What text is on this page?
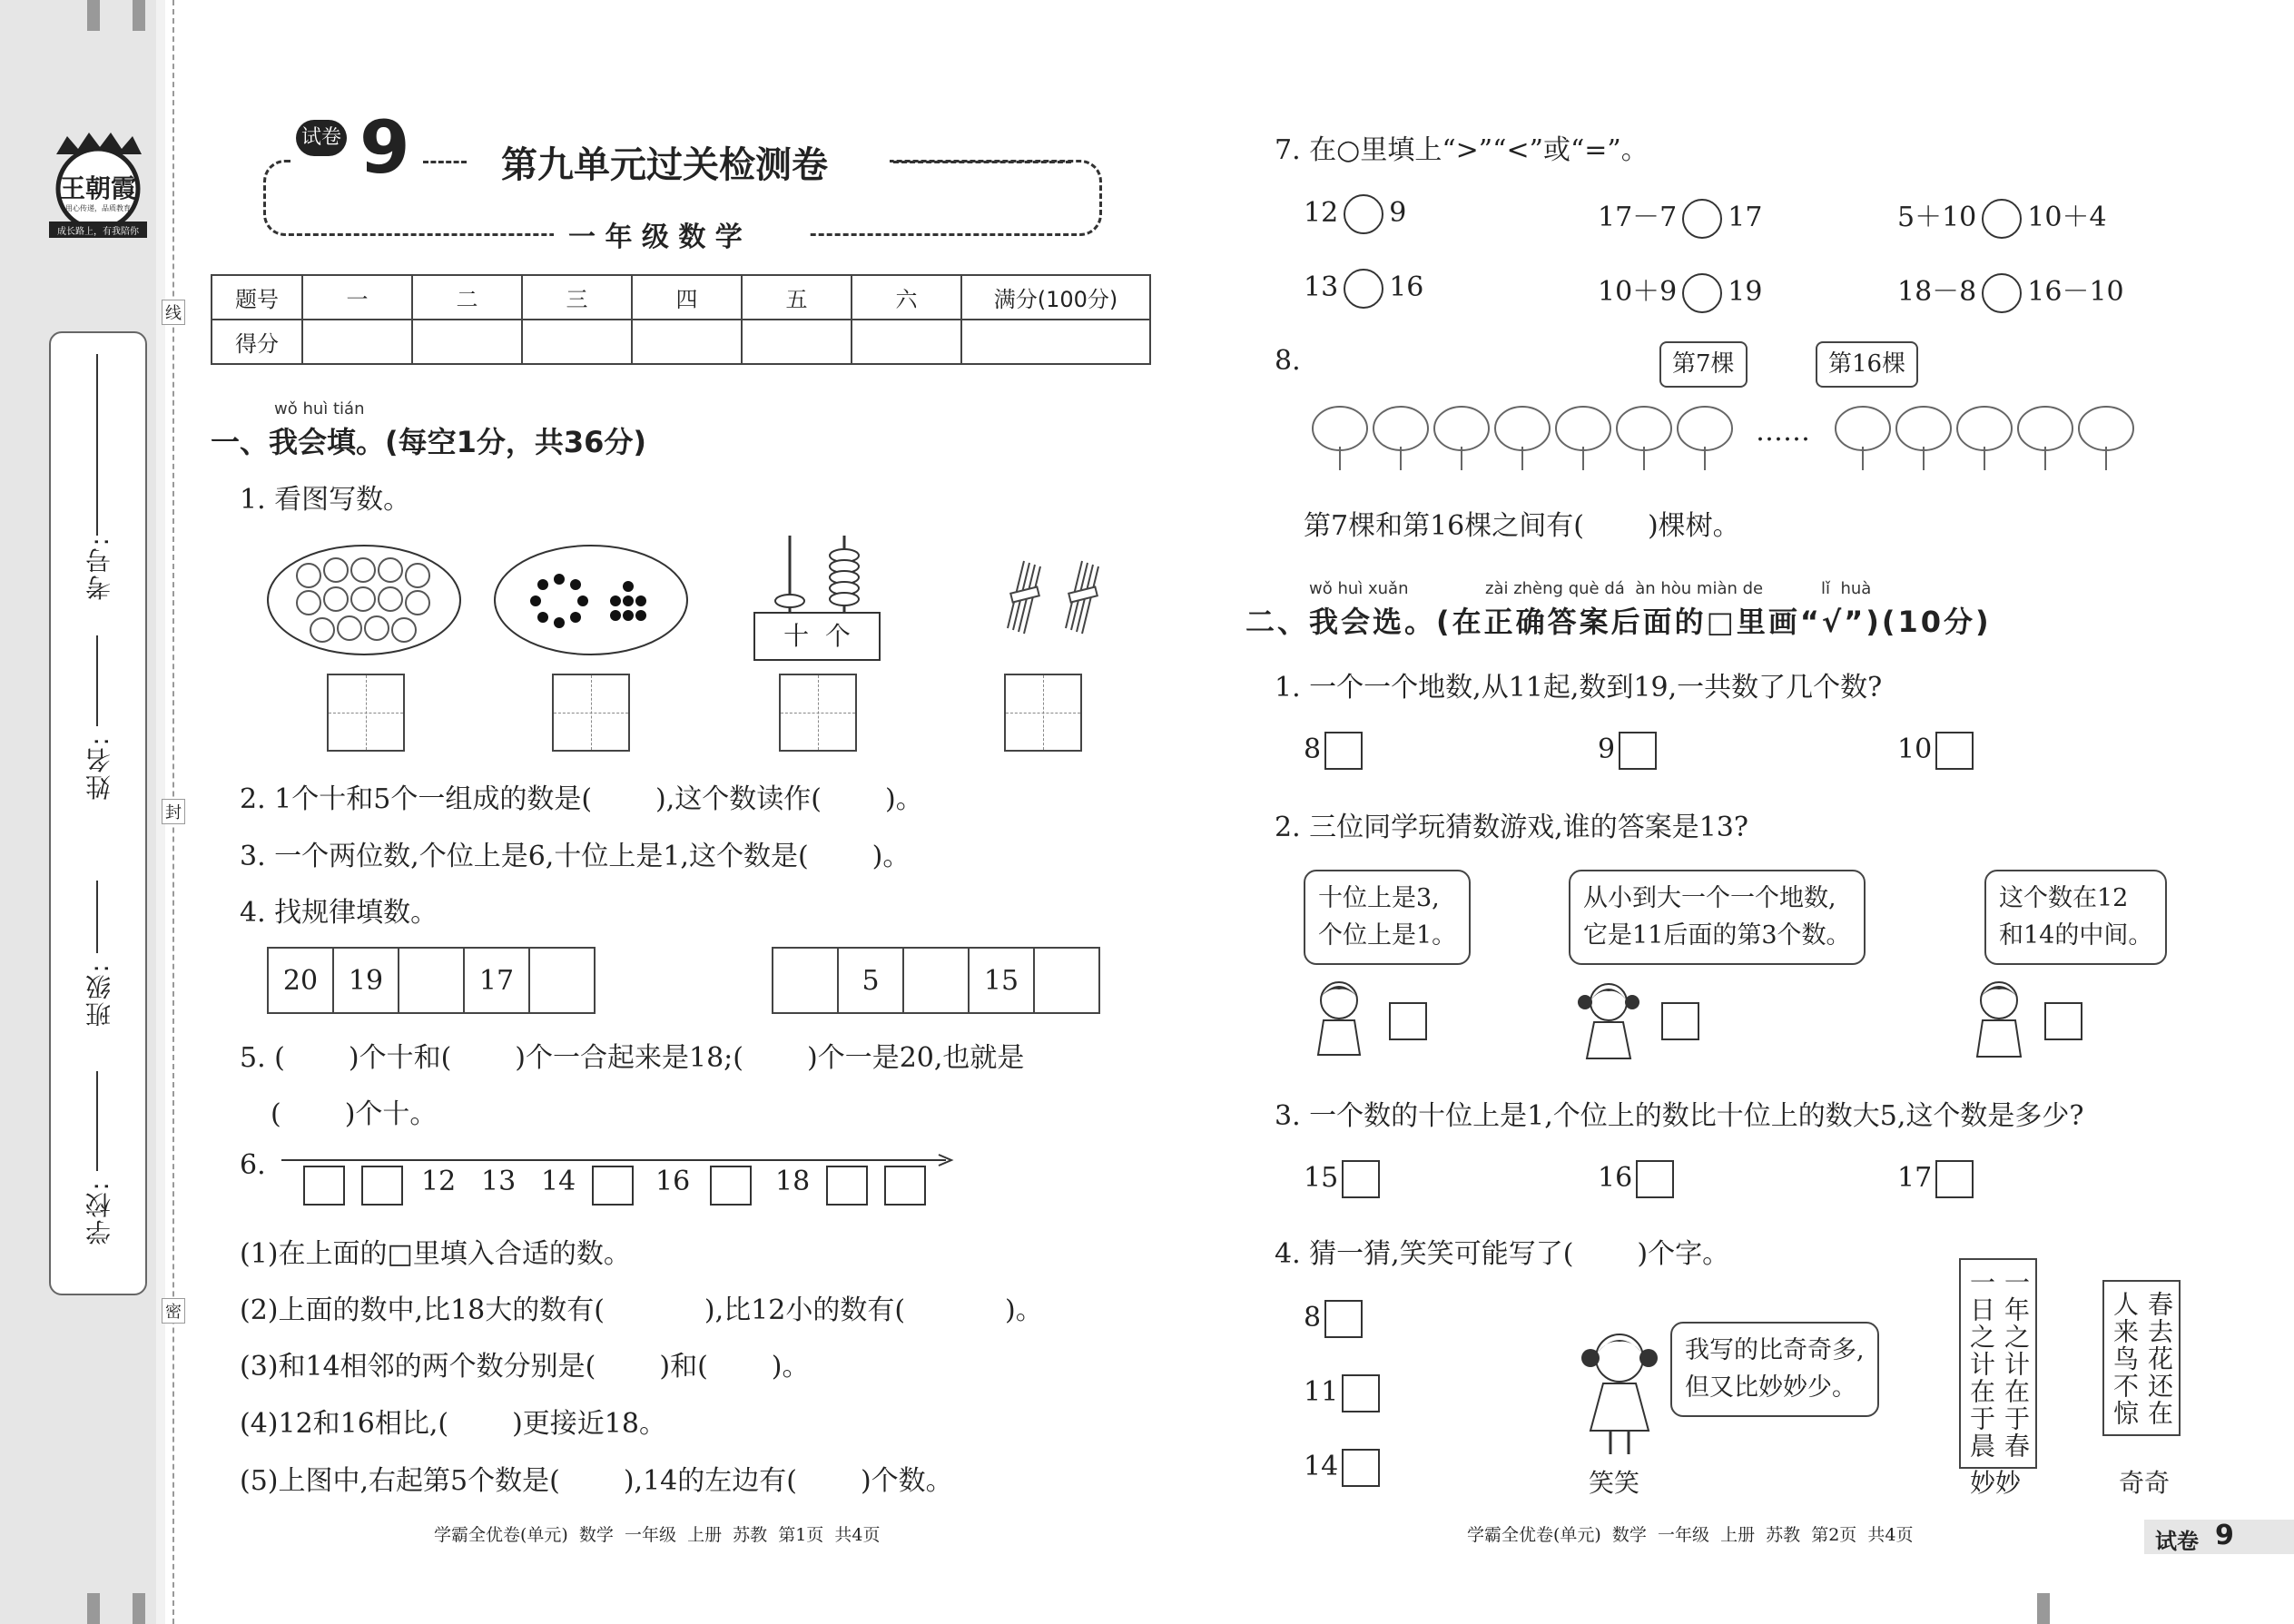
王朝霞
用心传递，品质教育
成长路上，有我陪你
考号:
姓名:
班级:
学校:
线
封
密
试卷 9	第九单元过关检测卷
一 年 级 数 学
题号	一	二	三	四	五	六	满分(100分)
得分							
wǒ huì tián
一、我会填。(每空1分，共36分)
1. 看图写数。
十  个
2. 1个十和5个一组成的数是( ),这个数读作( )。
3. 一个两位数,个位上是6,十位上是1,这个数是( )。
4. 找规律填数。
20	19	17	5	15
5. ( )个十和( )个一合起来是18;( )个一是20,也就是
( )个十。
6.
12 13 14	16	18
(1)在上面的□里填入合适的数。
(2)上面的数中,比18大的数有(	),比12小的数有(	)。
(3)和14相邻的两个数分别是( )和( )。
(4)12和16相比,( )更接近18。
(5)上图中,右起第5个数是( ),14的左边有( )个数。
学霸全优卷(单元)  数学  一年级  上册  苏教  第1页  共4页
7. 在○里填上“>”“<”或“=”。
12 9	17－7 17	5＋10 10＋4
13 16	10＋9 19	18－8 16－10
8.	第7棵	第16棵
……
第7棵和第16棵之间有( )棵树。
wǒ huì xuǎn	zài zhèng què dá  àn hòu miàn de	lǐ  huà
二、我会选。(在正确答案后面的□里画“√”)(10分)
1. 一个一个地数,从11起,数到19,一共数了几个数?
8	9	10
2. 三位同学玩猜数游戏,谁的答案是13?
十位上是3,
个位上是1。
从小到大一个一个地数,
它是11后面的第3个数。
这个数在12
和14的中间。
3. 一个数的十位上是1,个位上的数比十位上的数大5,这个数是多少?
15	16	17
4. 猜一猜,笑笑可能写了( )个字。
8
11
14
我写的比奇奇多,
但又比妙妙少。
笑笑
一年之计在于春
一日之计在于晨
妙妙
春去花还在
人来鸟不惊
奇奇
学霸全优卷(单元)  数学  一年级  上册  苏教  第2页  共4页	试卷 9
